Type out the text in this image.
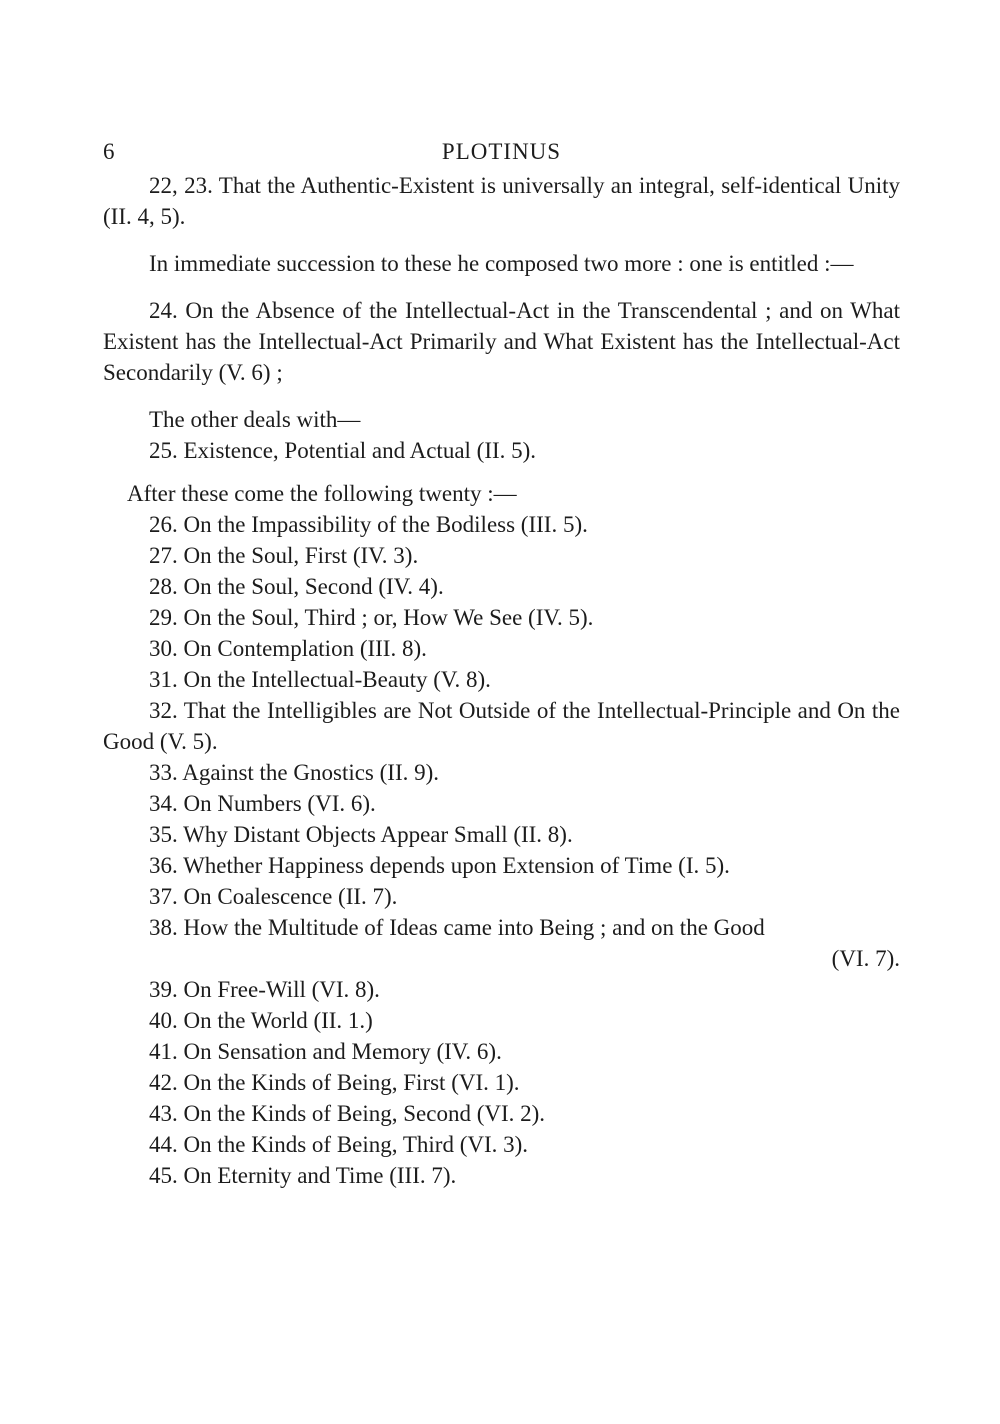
6	PLOTINUS

22, 23. That the Authentic-Existent is universally an integral, self-identical Unity (II. 4, 5).

In immediate succession to these he composed two more : one is entitled :—

24. On the Absence of the Intellectual-Act in the Transcendental ; and on What Existent has the Intellectual-Act Primarily and What Existent has the Intellectual-Act Secondarily (V. 6) ;

The other deals with—

25. Existence, Potential and Actual (II. 5).

After these come the following twenty :—

26. On the Impassibility of the Bodiless (III. 5).

27. On the Soul, First (IV. 3).

28. On the Soul, Second (IV. 4).

29. On the Soul, Third ; or, How We See (IV. 5).

30. On Contemplation (III. 8).

31. On the Intellectual-Beauty (V. 8).

32. That the Intelligibles are Not Outside of the Intellectual-Principle and On the Good (V. 5).

33. Against the Gnostics (II. 9).

34. On Numbers (VI. 6).

35. Why Distant Objects Appear Small (II. 8).

36. Whether Happiness depends upon Extension of Time (I. 5).

37. On Coalescence (II. 7).

38. How the Multitude of Ideas came into Being ; and on the Good

(VI. 7).

39. On Free-Will (VI. 8).

40. On the World (II. 1.)

41. On Sensation and Memory (IV. 6).

42. On the Kinds of Being, First (VI. 1).

43. On the Kinds of Being, Second (VI. 2).

44. On the Kinds of Being, Third (VI. 3).

45. On Eternity and Time (III. 7).
